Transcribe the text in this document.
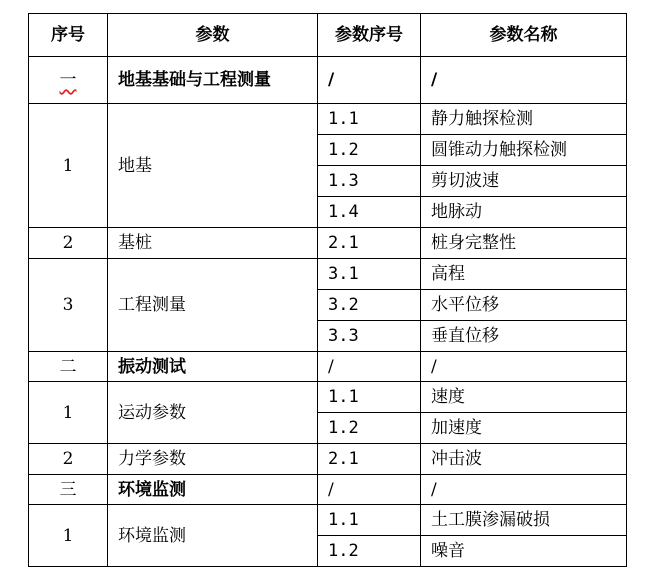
序号	参数	参数序号	参数名称
一	地基基础与工程测量	/	/
1	地基	1.1	静力触探检测
		1.2	圆锥动力触探检测
		1.3	剪切波速
		1.4	地脉动
2	基桩	2.1	桩身完整性
3	工程测量	3.1	高程
		3.2	水平位移
		3.3	垂直位移
二	振动测试	/	/
1	运动参数	1.1	速度
		1.2	加速度
2	力学参数	2.1	冲击波
三	环境监测	/	/
1	环境监测	1.1	土工膜渗漏破损
		1.2	噪音
